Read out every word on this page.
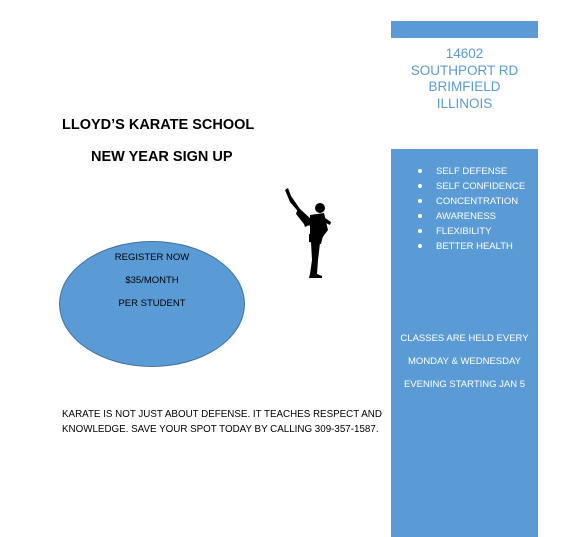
14602
SOUTHPORT RD
BRIMFIELD
ILLINOIS
LLOYD’S KARATE SCHOOL
NEW YEAR SIGN UP
REGISTER NOW
$35/MONTH
PER STUDENT
SELF DEFENSE
SELF CONFIDENCE
CONCENTRATION
AWARENESS
FLEXIBILITY
BETTER HEALTH
CLASSES ARE HELD EVERY
MONDAY & WEDNESDAY
EVENING STARTING JAN 5
KARATE IS NOT JUST ABOUT DEFENSE. IT TEACHES RESPECT AND
KNOWLEDGE. SAVE YOUR SPOT TODAY BY CALLING 309-357-1587.
